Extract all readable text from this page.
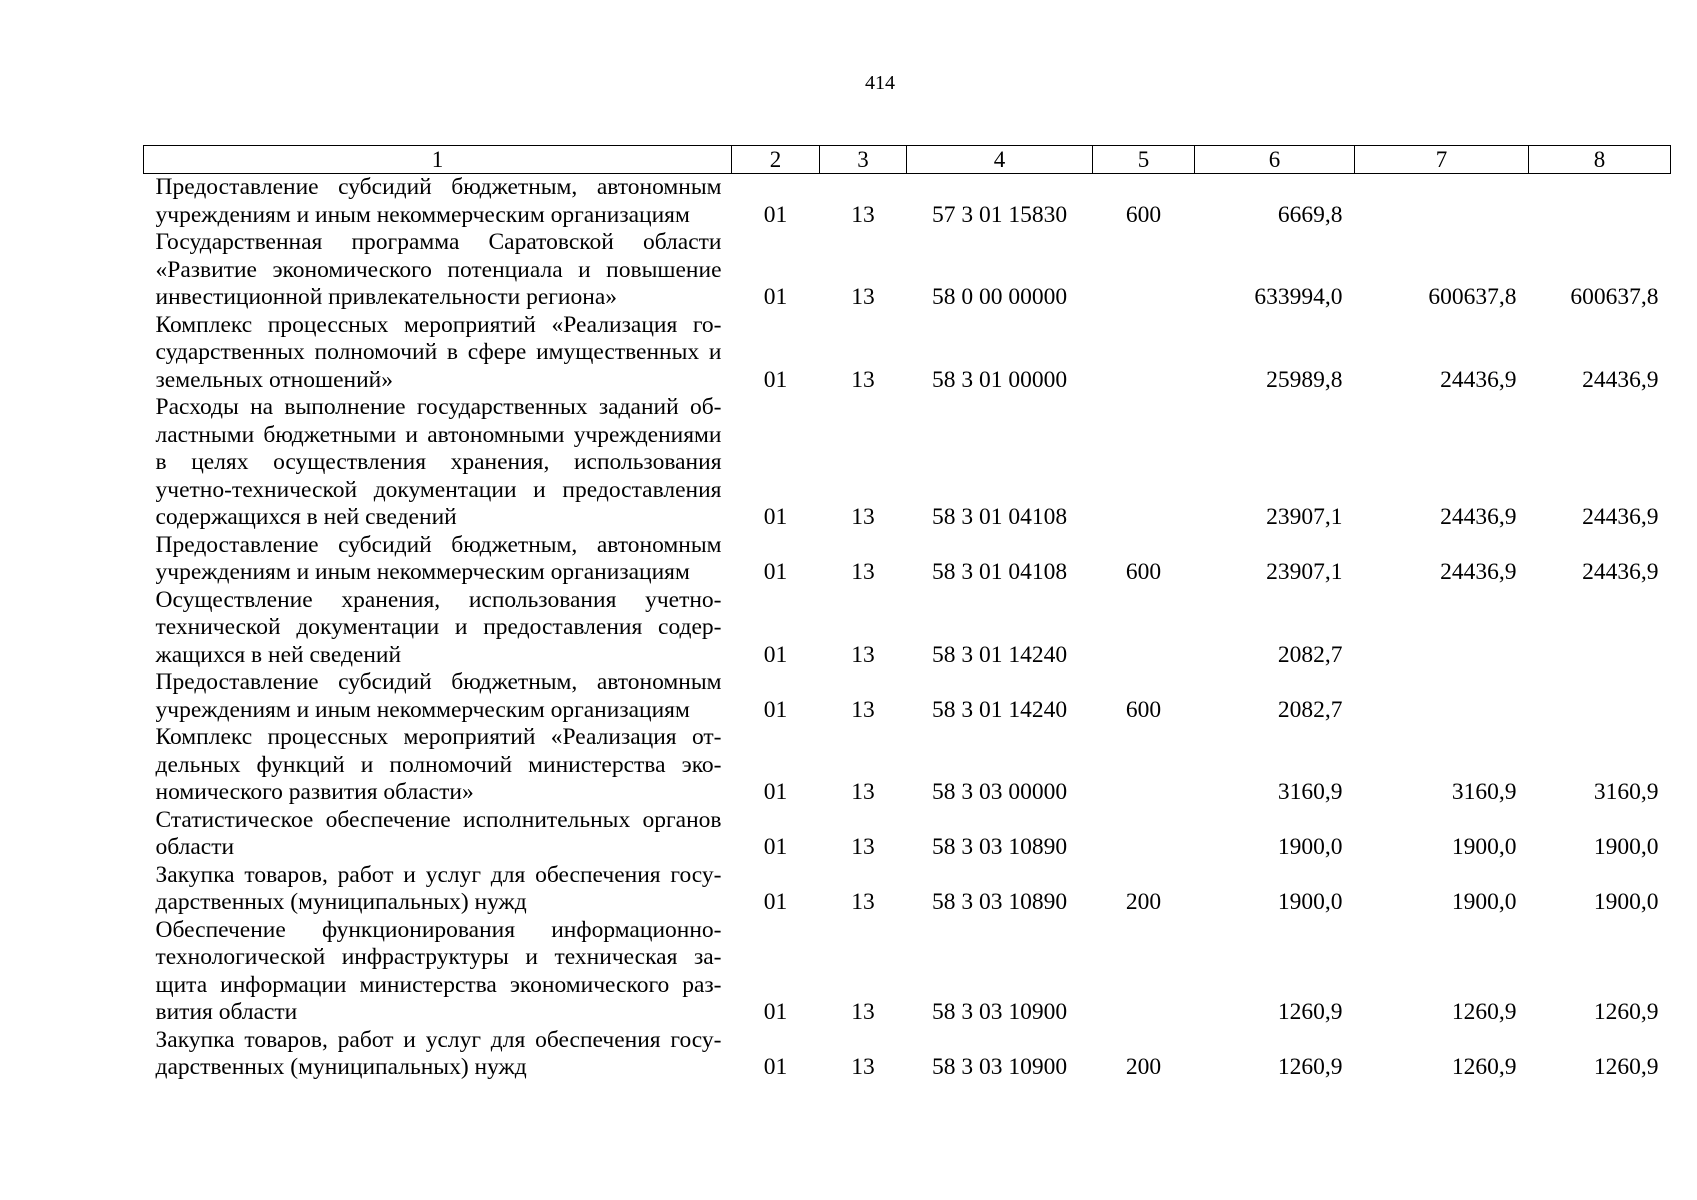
414
1	2	3	4	5	6	7	8
Предоставление субсидий бюджетным, автономным учреждениям и иным некоммерческим организациям	01	13	57 3 01 15830	600	6669,8		
Государственная программа Саратовской области «Развитие экономического потенциала и повышение инвестиционной привлекательности региона»	01	13	58 0 00 00000		633994,0	600637,8	600637,8
Комплекс процессных мероприятий «Реализация государственных полномочий в сфере имущественных и земельных отношений»	01	13	58 3 01 00000		25989,8	24436,9	24436,9
Расходы на выполнение государственных заданий областными бюджетными и автономными учреждениями в целях осуществления хранения, использования учетно-технической документации и предоставления содержащихся в ней сведений	01	13	58 3 01 04108		23907,1	24436,9	24436,9
Предоставление субсидий бюджетным, автономным учреждениям и иным некоммерческим организациям	01	13	58 3 01 04108	600	23907,1	24436,9	24436,9
Осуществление хранения, использования учетно-технической документации и предоставления содержащихся в ней сведений	01	13	58 3 01 14240		2082,7		
Предоставление субсидий бюджетным, автономным учреждениям и иным некоммерческим организациям	01	13	58 3 01 14240	600	2082,7		
Комплекс процессных мероприятий «Реализация отдельных функций и полномочий министерства экономического развития области»	01	13	58 3 03 00000		3160,9	3160,9	3160,9
Статистическое обеспечение исполнительных органов области	01	13	58 3 03 10890		1900,0	1900,0	1900,0
Закупка товаров, работ и услуг для обеспечения государственных (муниципальных) нужд	01	13	58 3 03 10890	200	1900,0	1900,0	1900,0
Обеспечение функционирования информационно-технологической инфраструктуры и техническая защита информации министерства экономического развития области	01	13	58 3 03 10900		1260,9	1260,9	1260,9
Закупка товаров, работ и услуг для обеспечения государственных (муниципальных) нужд	01	13	58 3 03 10900	200	1260,9	1260,9	1260,9
